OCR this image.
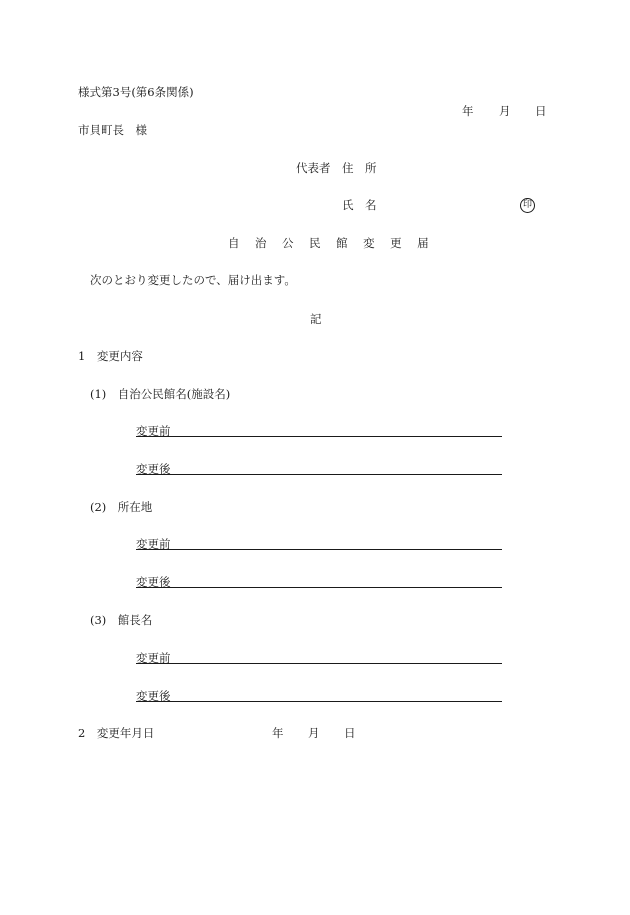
様式第3号(第6条関係)
年 月 日
市貝町長　様
代表者 住　所
氏　名	印
自治公民館変更届
次のとおり変更したので、届け出ます。
記
1　変更内容
(1)　自治公民館名(施設名)
変更前
変更後
(2)　所在地
変更前
変更後
(3)　館長名
変更前
変更後
2　変更年月日	年 月 日
